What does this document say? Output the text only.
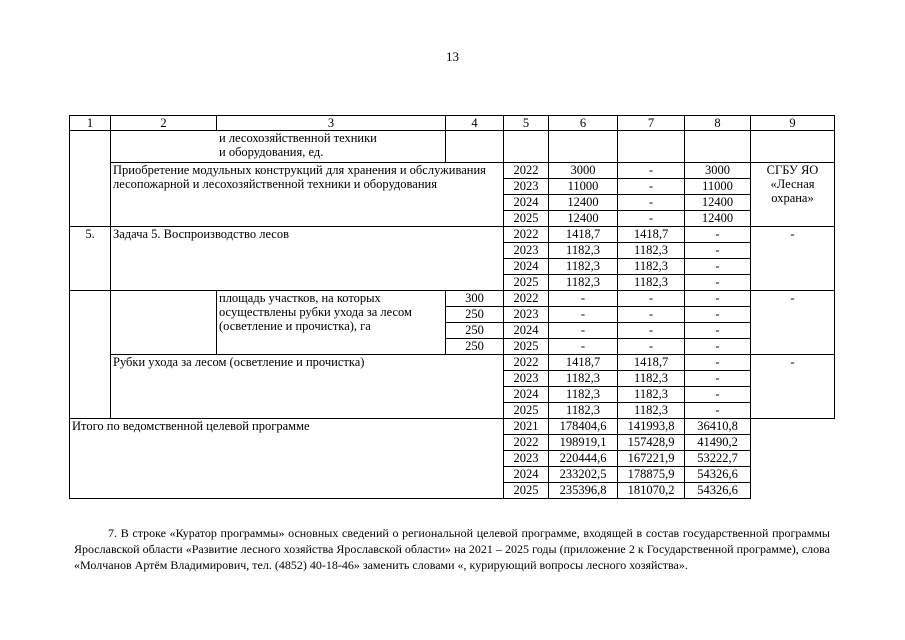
13
1	2	3	4	5	6	7	8	9

	и лесохозяйственной техники
и оборудования, ед.							

	Приобретение модульных конструкций для хранения и обслуживания лесопожарной и лесохозяйственной техники и оборудования			2022	3000	-	3000	СГБУ ЯО «Лесная охрана»
				2023	11000	-	11000	
				2024	12400	-	12400	
				2025	12400	-	12400	
5.	Задача 5. Воспроизводство лесов			2022	1418,7	1418,7	-	-
				2023	1182,3	1182,3	-	
				2024	1182,3	1182,3	-	
				2025	1182,3	1182,3	-	
		площадь участков, на которых осуществлены рубки ухода за лесом (осветление и прочистка), га	300	2022	-	-	-	-
			250	2023	-	-	-	
			250	2024	-	-	-	
			250	2025	-	-	-	
	Рубки ухода за лесом (осветление и прочистка)			2022	1418,7	1418,7	-	-
				2023	1182,3	1182,3	-	
				2024	1182,3	1182,3	-	
				2025	1182,3	1182,3	-	
Итого по ведомственной целевой программе				2021	178404,6	141993,8	36410,8	
				2022	198919,1	157428,9	41490,2	
				2023	220444,6	167221,9	53222,7	
				2024	233202,5	178875,9	54326,6	
				2025	235396,8	181070,2	54326,6	
7. В строке «Куратор программы» основных сведений о региональной целевой программе, входящей в состав государственной программы Ярославской области «Развитие лесного хозяйства Ярославской области» на 2021 – 2025 годы (приложение 2 к Государственной программе), слова «Молчанов Артём Владимирович, тел. (4852) 40-18-46» заменить словами «, курирующий вопросы лесного хозяйства».
